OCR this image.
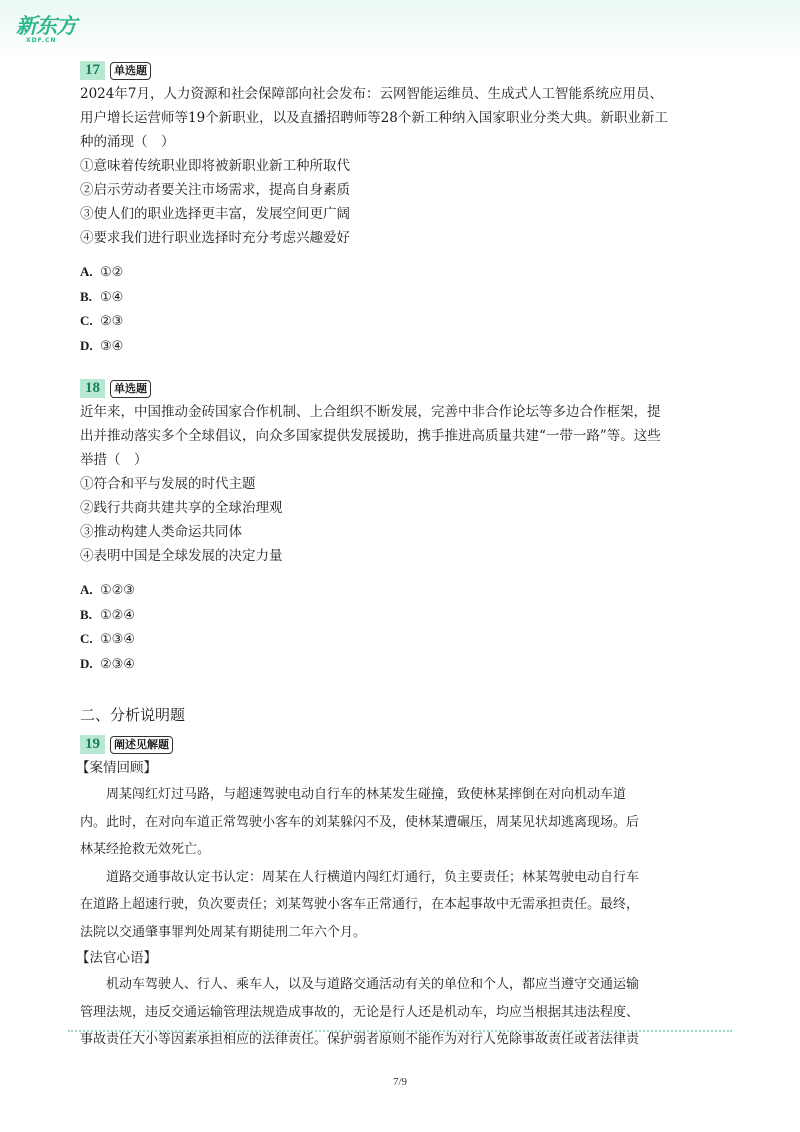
新东方
XDF.CN
17	单选题
2024年7月，人力资源和社会保障部向社会发布：云网智能运维员、生成式人工智能系统应用员、
用户增长运营师等19个新职业，以及直播招聘师等28个新工种纳入国家职业分类大典。新职业新工
种的涌现（　）
①意味着传统职业即将被新职业新工种所取代
②启示劳动者要关注市场需求，提高自身素质
③使人们的职业选择更丰富，发展空间更广阔
④要求我们进行职业选择时充分考虑兴趣爱好
A. ①②
B. ①④
C. ②③
D. ③④
18	单选题
近年来，中国推动金砖国家合作机制、上合组织不断发展，完善中非合作论坛等多边合作框架，提
出并推动落实多个全球倡议，向众多国家提供发展援助，携手推进高质量共建“一带一路”等。这些
举措（　）
①符合和平与发展的时代主题
②践行共商共建共享的全球治理观
③推动构建人类命运共同体
④表明中国是全球发展的决定力量
A. ①②③
B. ①②④
C. ①③④
D. ②③④
二、分析说明题
19	阐述见解题
【案情回顾】
周某闯红灯过马路，与超速驾驶电动自行车的林某发生碰撞，致使林某摔倒在对向机动车道
内。此时，在对向车道正常驾驶小客车的刘某躲闪不及，使林某遭碾压，周某见状却逃离现场。后
林某经抢救无效死亡。
道路交通事故认定书认定：周某在人行横道内闯红灯通行，负主要责任；林某驾驶电动自行车
在道路上超速行驶，负次要责任；刘某驾驶小客车正常通行，在本起事故中无需承担责任。最终，
法院以交通肇事罪判处周某有期徒刑二年六个月。
【法官心语】
机动车驾驶人、行人、乘车人，以及与道路交通活动有关的单位和个人，都应当遵守交通运输
管理法规，违反交通运输管理法规造成事故的，无论是行人还是机动车，均应当根据其违法程度、
事故责任大小等因素承担相应的法律责任。保护弱者原则不能作为对行人免除事故责任或者法律责
7/9
